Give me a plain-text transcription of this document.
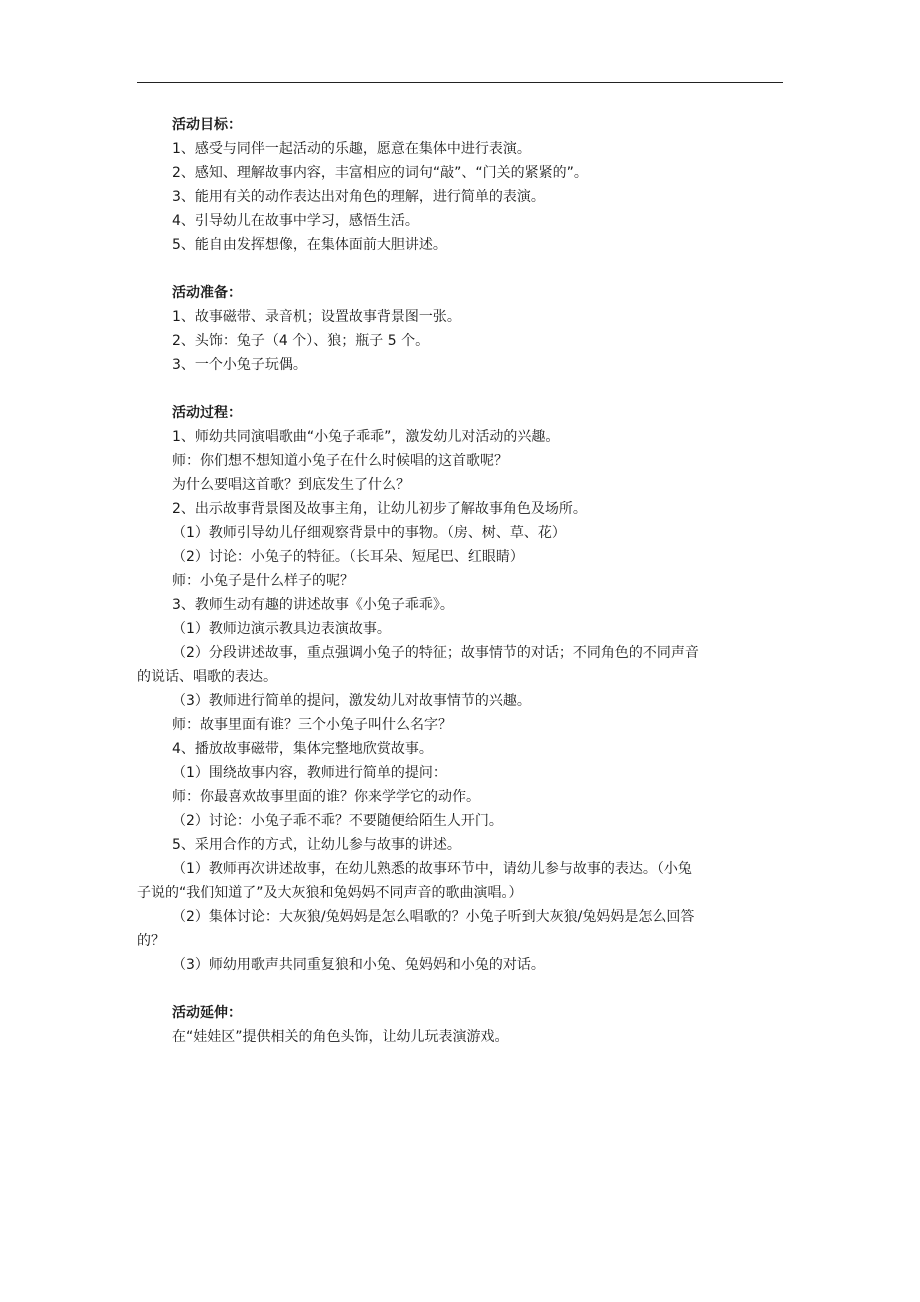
活动目标：
1、感受与同伴一起活动的乐趣，愿意在集体中进行表演。
2、感知、理解故事内容，丰富相应的词句“敲”、“门关的紧紧的”。
3、能用有关的动作表达出对角色的理解，进行简单的表演。
4、引导幼儿在故事中学习，感悟生活。
5、能自由发挥想像，在集体面前大胆讲述。
活动准备：
1、故事磁带、录音机；设置故事背景图一张。
2、头饰：兔子（4 个）、狼；瓶子 5 个。
3、一个小兔子玩偶。
活动过程：
1、师幼共同演唱歌曲“小兔子乖乖”，激发幼儿对活动的兴趣。
师：你们想不想知道小兔子在什么时候唱的这首歌呢？
为什么要唱这首歌？到底发生了什么？
2、出示故事背景图及故事主角，让幼儿初步了解故事角色及场所。
（1）教师引导幼儿仔细观察背景中的事物。（房、树、草、花）
（2）讨论：小兔子的特征。（长耳朵、短尾巴、红眼睛）
师：小兔子是什么样子的呢？
3、教师生动有趣的讲述故事《小兔子乖乖》。
（1）教师边演示教具边表演故事。
（2）分段讲述故事，重点强调小兔子的特征；故事情节的对话；不同角色的不同声音
的说话、唱歌的表达。
（3）教师进行简单的提问，激发幼儿对故事情节的兴趣。
师：故事里面有谁？三个小兔子叫什么名字？
4、播放故事磁带，集体完整地欣赏故事。
（1）围绕故事内容，教师进行简单的提问：
师：你最喜欢故事里面的谁？你来学学它的动作。
（2）讨论：小兔子乖不乖？不要随便给陌生人开门。
5、采用合作的方式，让幼儿参与故事的讲述。
（1）教师再次讲述故事，在幼儿熟悉的故事环节中，请幼儿参与故事的表达。（小兔
子说的“我们知道了”及大灰狼和兔妈妈不同声音的歌曲演唱。）
（2）集体讨论：大灰狼/兔妈妈是怎么唱歌的？小兔子听到大灰狼/兔妈妈是怎么回答
的？
（3）师幼用歌声共同重复狼和小兔、兔妈妈和小兔的对话。
活动延伸：
在“娃娃区”提供相关的角色头饰，让幼儿玩表演游戏。
